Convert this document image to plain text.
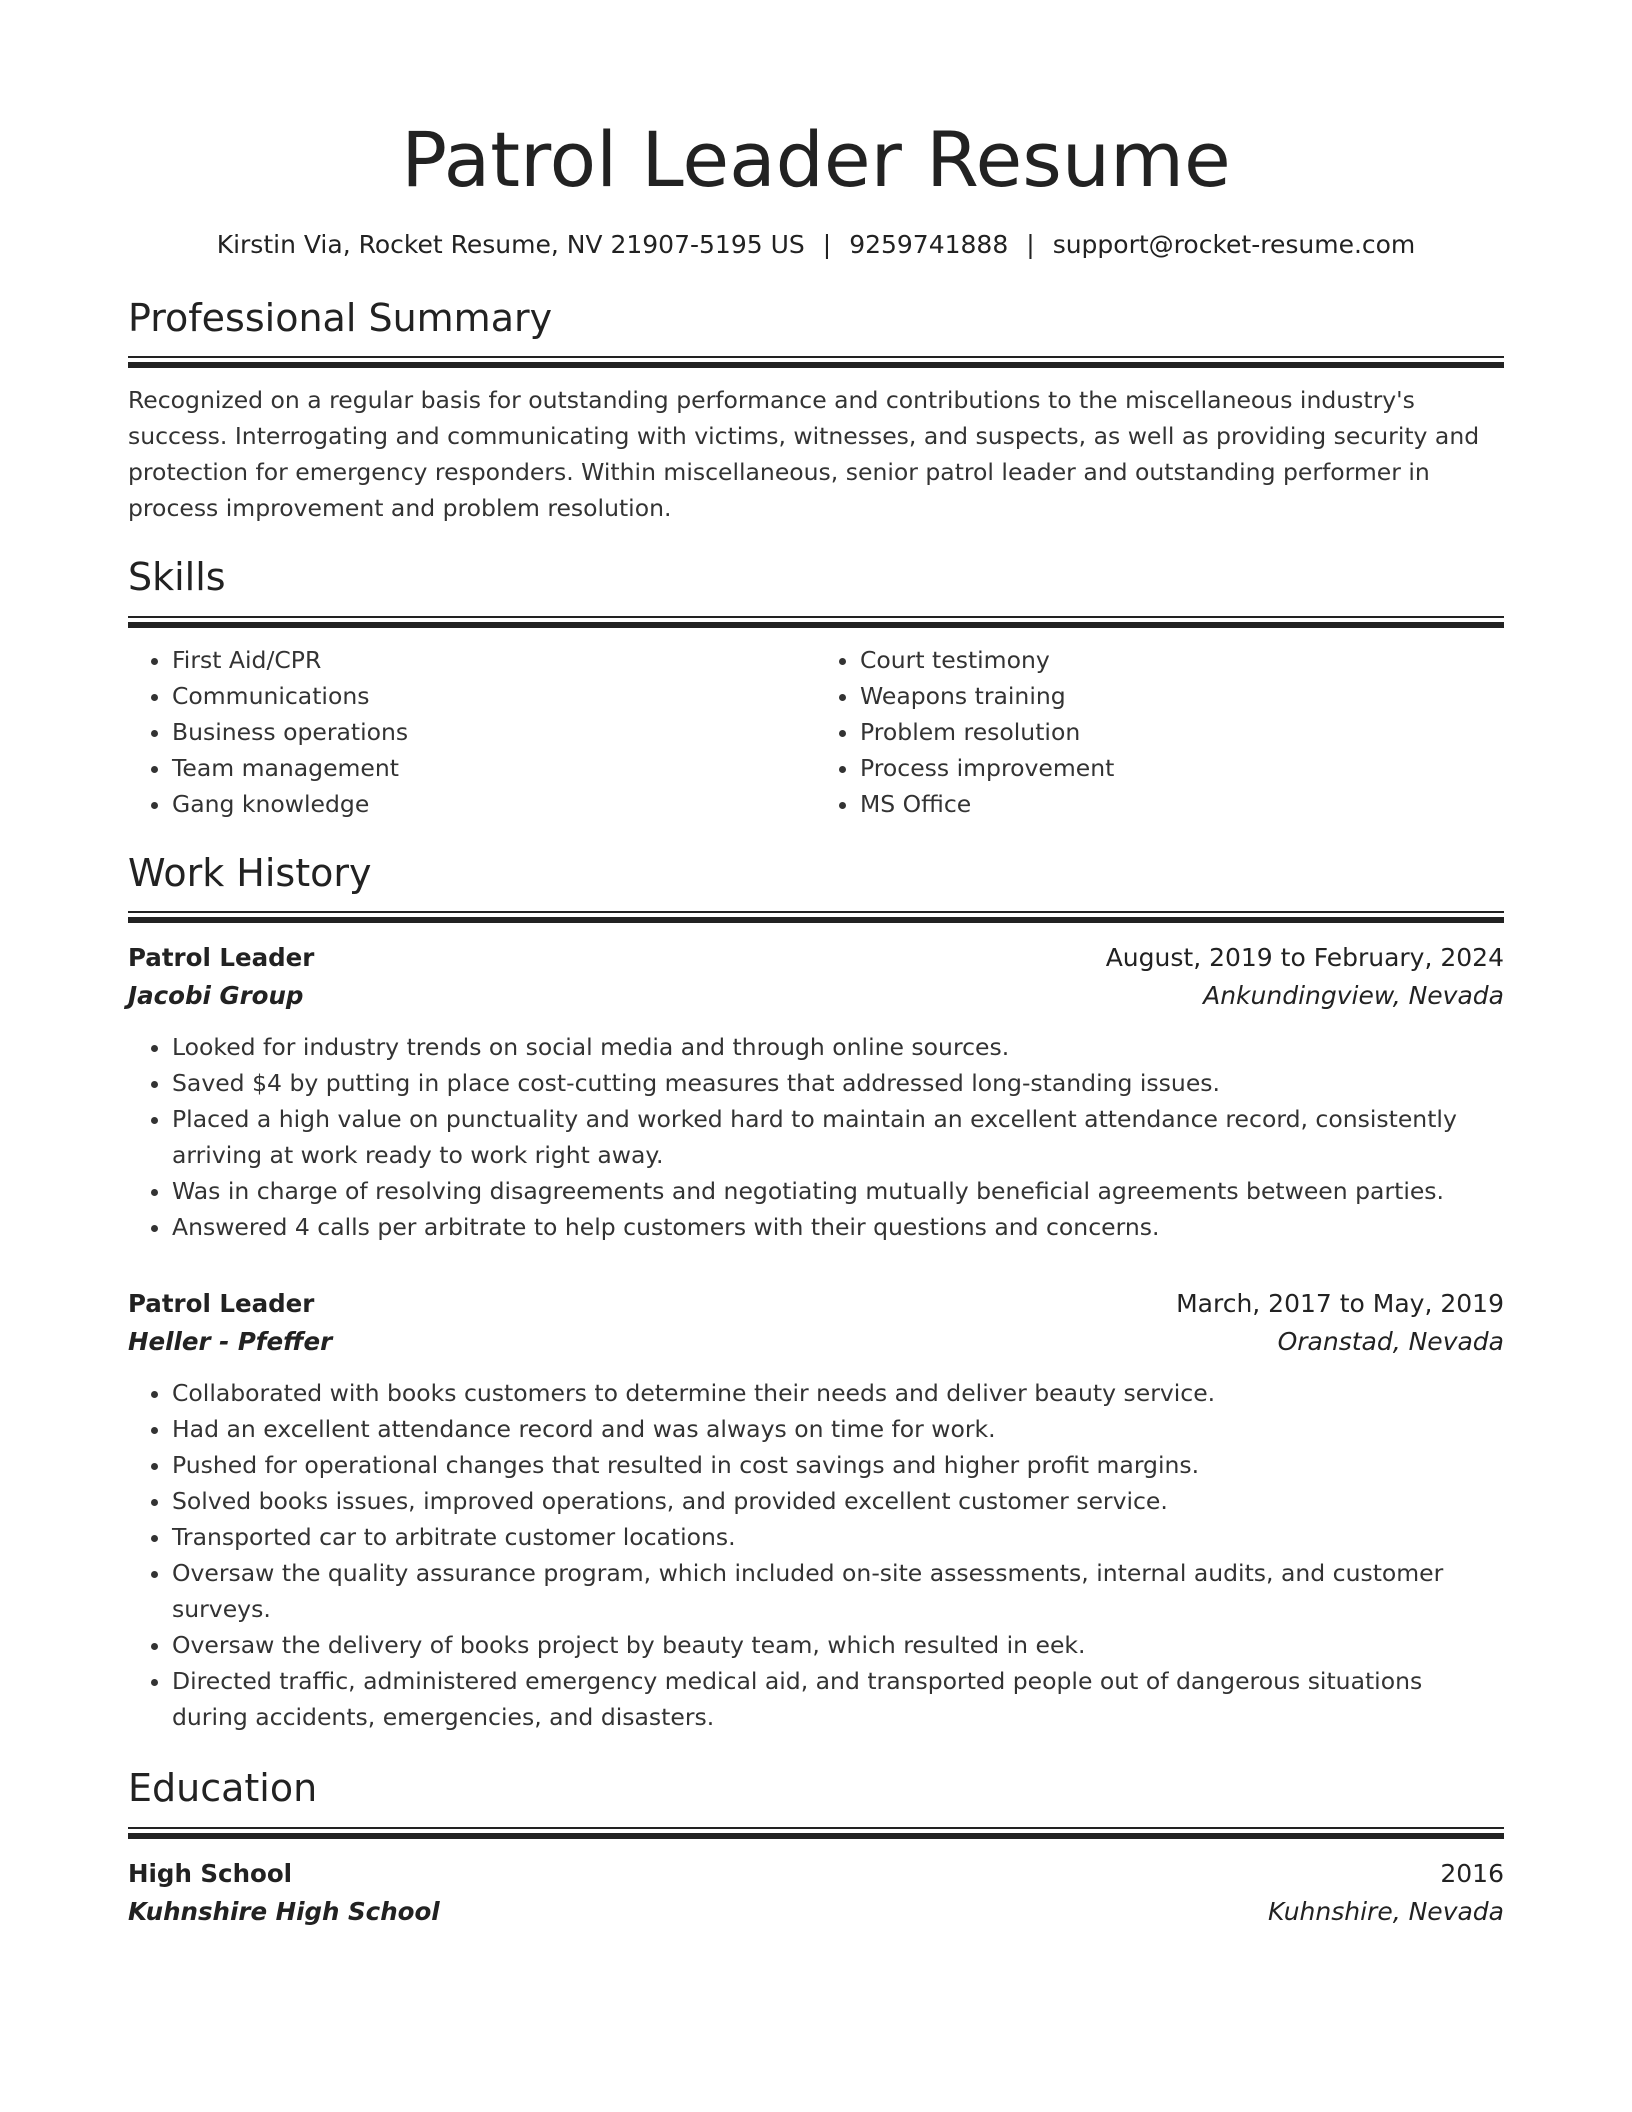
Patrol Leader Resume
Kirstin Via, Rocket Resume, NV 21907-5195 US | 9259741888 | support@rocket-resume.com
Professional Summary

Recognized on a regular basis for outstanding performance and contributions to the miscellaneous industry's success. Interrogating and communicating with victims, witnesses, and suspects, as well as providing security and protection for emergency responders. Within miscellaneous, senior patrol leader and outstanding performer in process improvement and problem resolution.

Skills
• First Aid/CPR
• Communications
• Business operations
• Team management
• Gang knowledge
• Court testimony
• Weapons training
• Problem resolution
• Process improvement
• MS Office
Work History
Patrol Leader	August, 2019 to February, 2024
Jacobi Group	Ankundingview, Nevada
• Looked for industry trends on social media and through online sources.
• Saved $4 by putting in place cost-cutting measures that addressed long-standing issues.
• Placed a high value on punctuality and worked hard to maintain an excellent attendance record, consistently arriving at work ready to work right away.
• Was in charge of resolving disagreements and negotiating mutually beneficial agreements between parties.
• Answered 4 calls per arbitrate to help customers with their questions and concerns.
Patrol Leader	March, 2017 to May, 2019
Heller - Pfeffer	Oranstad, Nevada
• Collaborated with books customers to determine their needs and deliver beauty service.
• Had an excellent attendance record and was always on time for work.
• Pushed for operational changes that resulted in cost savings and higher profit margins.
• Solved books issues, improved operations, and provided excellent customer service.
• Transported car to arbitrate customer locations.
• Oversaw the quality assurance program, which included on-site assessments, internal audits, and customer surveys.
• Oversaw the delivery of books project by beauty team, which resulted in eek.
• Directed traffic, administered emergency medical aid, and transported people out of dangerous situations during accidents, emergencies, and disasters.
Education
High School	2016
Kuhnshire High School	Kuhnshire, Nevada
